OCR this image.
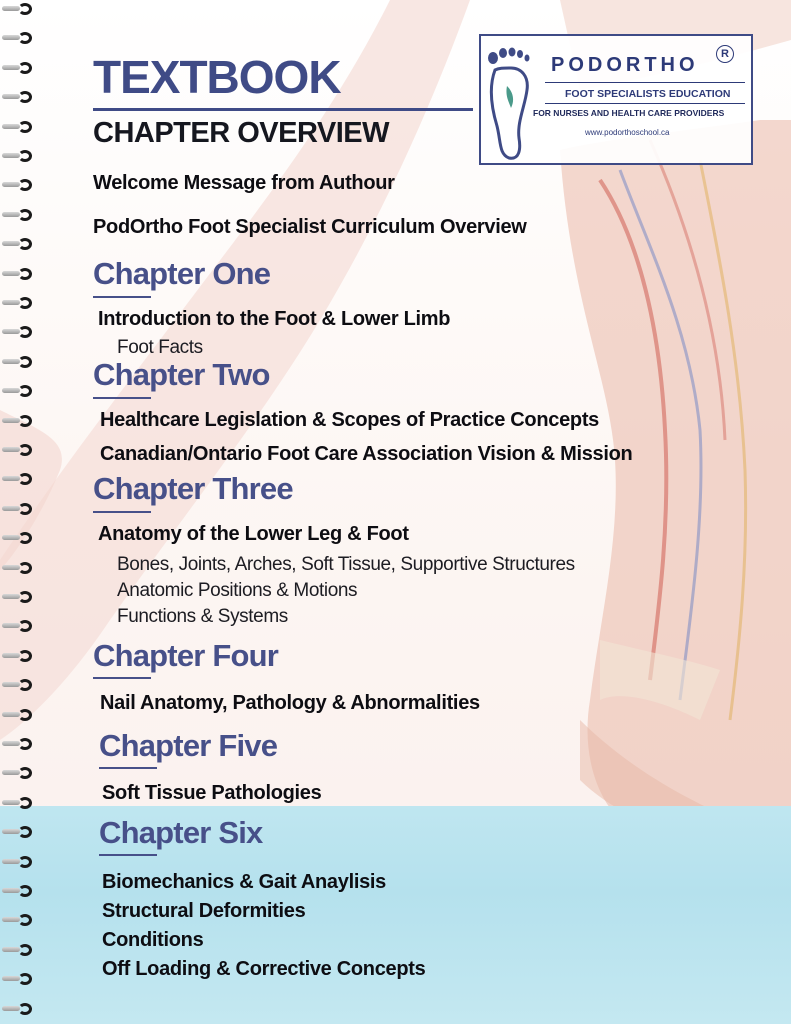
TEXTBOOK
CHAPTER OVERVIEW
PODORTHO	R
FOOT SPECIALISTS EDUCATION
FOR NURSES AND HEALTH CARE PROVIDERS
www.podorthoschool.ca

Welcome Message from Authour

PodOrtho Foot Specialist Curriculum Overview

Chapter One

Introduction to the Foot & Lower Limb

Foot Facts

Chapter Two

Healthcare Legislation & Scopes of Practice Concepts

Canadian/Ontario Foot Care Association Vision & Mission

Chapter Three

Anatomy of the Lower Leg & Foot

Bones, Joints, Arches, Soft Tissue, Supportive Structures

Anatomic Positions & Motions

Functions & Systems

Chapter Four

Nail Anatomy, Pathology & Abnormalities

Chapter Five

Soft Tissue Pathologies

Chapter Six

Biomechanics & Gait Anaylisis

Structural Deformities

Conditions

Off Loading & Corrective Concepts
